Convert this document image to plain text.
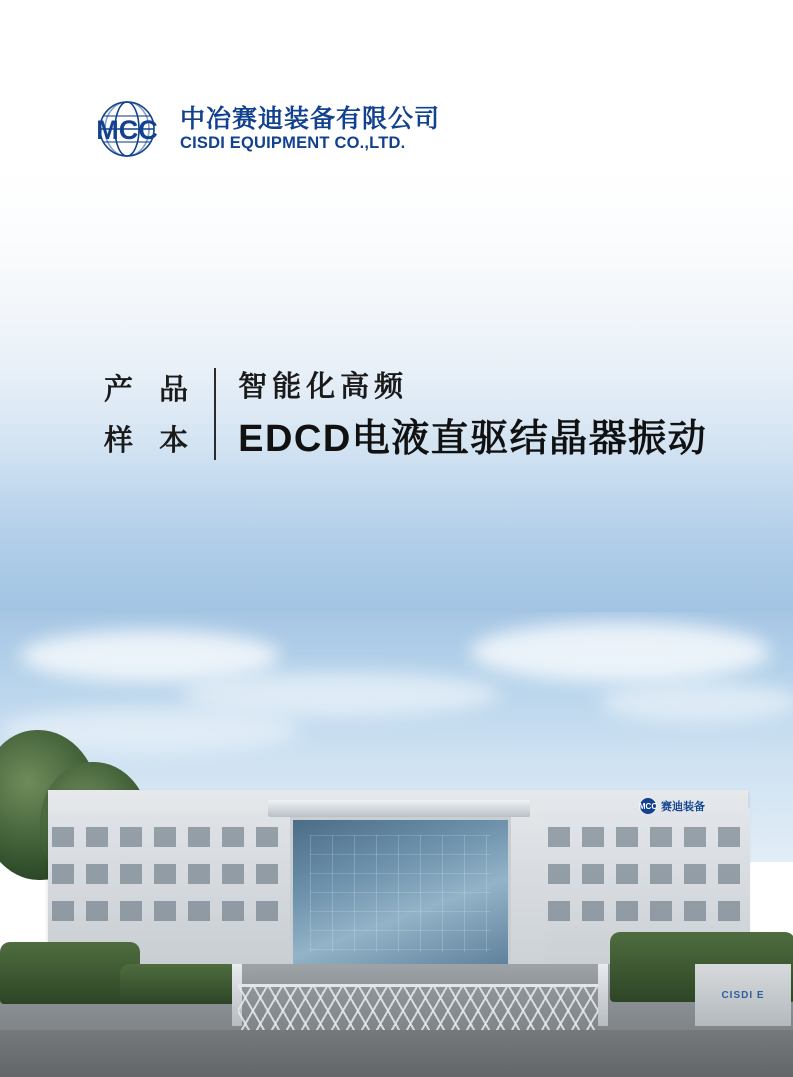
MCC 中冶赛迪装备有限公司
CISDI EQUIPMENT CO.,LTD.
产 品
样 本
智能化高频
EDCD电液直驱结晶器振动
MCC 赛迪装备
CISDI E
